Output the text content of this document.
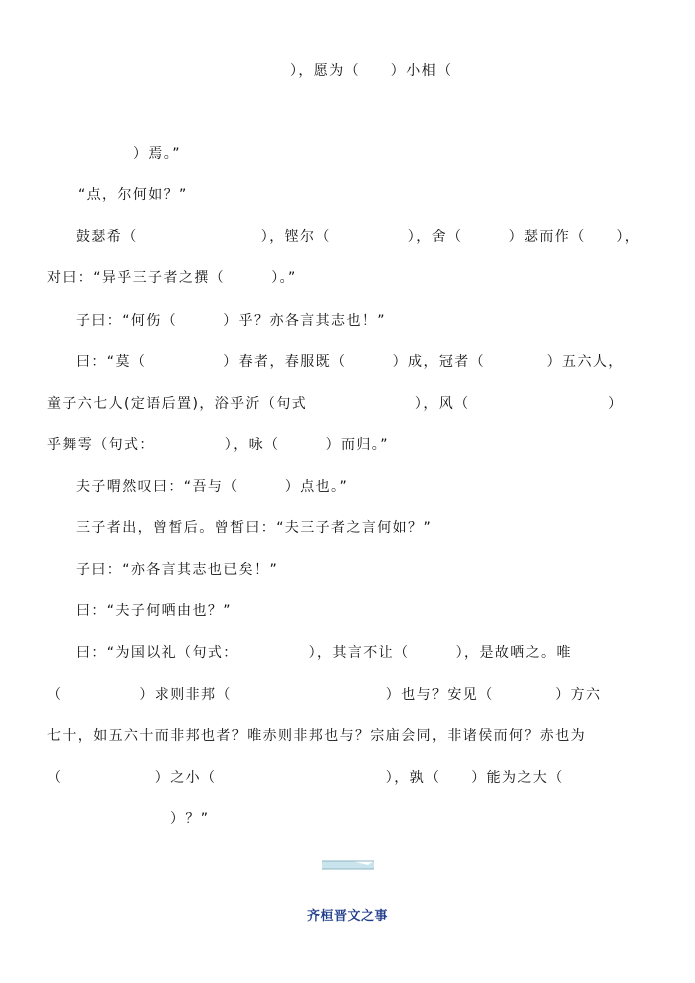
），愿为（　　）小相（
）焉。”
“点，尔何如？”
鼓瑟希（　　　　　　　　），铿尔（　　　　　），舍（　　　）瑟而作（　　），
对曰：“异乎三子者之撰（　　　）。”
子曰：“何伤（　　　）乎？亦各言其志也！”
曰：“莫（　　　　　）春者，春服既（　　　）成，冠者（　　　　）五六人，
童子六七人(定语后置)，浴乎沂（句式　　　　　　　），风（　　　　　　　　　）
乎舞雩（句式：　　　　　），咏（　　　）而归。”
夫子喟然叹曰：“吾与（　　　）点也。”
三子者出，曾皙后。曾皙曰：“夫三子者之言何如？”
子曰：“亦各言其志也已矣！”
曰：“夫子何哂由也？”
曰：“为国以礼（句式：　　　　　），其言不让（　　　），是故哂之。唯
（　　　　　）求则非邦（　　　　　　　　　　）也与？安见（　　　　）方六
七十，如五六十而非邦也者？唯赤则非邦也与？宗庙会同，非诸侯而何？赤也为
（　　　　　　）之小（　　　　　　　　　　　），孰（　　）能为之大（
）？”
齐桓晋文之事
